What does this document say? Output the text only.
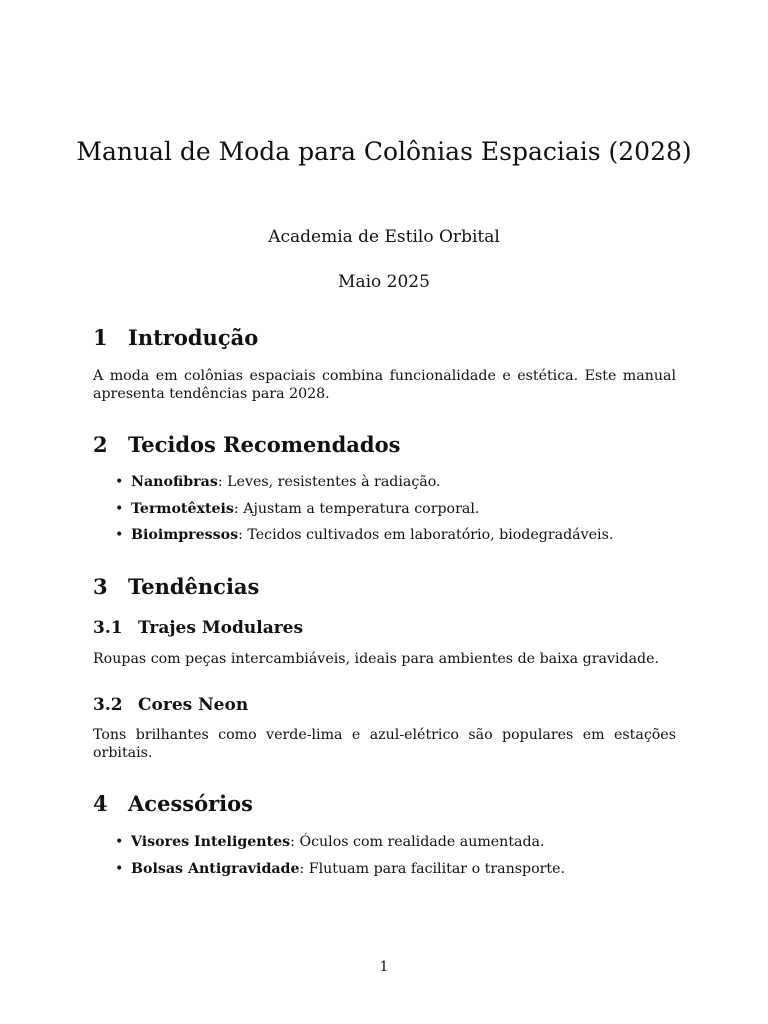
Manual de Moda para Colônias Espaciais (2028)

Academia de Estilo Orbital

Maio 2025

1 Introdução

A moda em colônias espaciais combina funcionalidade e estética. Este manual apresenta tendências para 2028.

2 Tecidos Recomendados
• Nanofibras: Leves, resistentes à radiação.
• Termotêxteis: Ajustam a temperatura corporal.
• Bioimpressos: Tecidos cultivados em laboratório, biodegradáveis.
3 Tendências
3.1 Trajes Modulares

Roupas com peças intercambiáveis, ideais para ambientes de baixa gravidade.

3.2 Cores Neon

Tons brilhantes como verde-lima e azul-elétrico são populares em estações orbitais.

4 Acessórios
• Visores Inteligentes: Óculos com realidade aumentada.
• Bolsas Antigravidade: Flutuam para facilitar o transporte.

1
